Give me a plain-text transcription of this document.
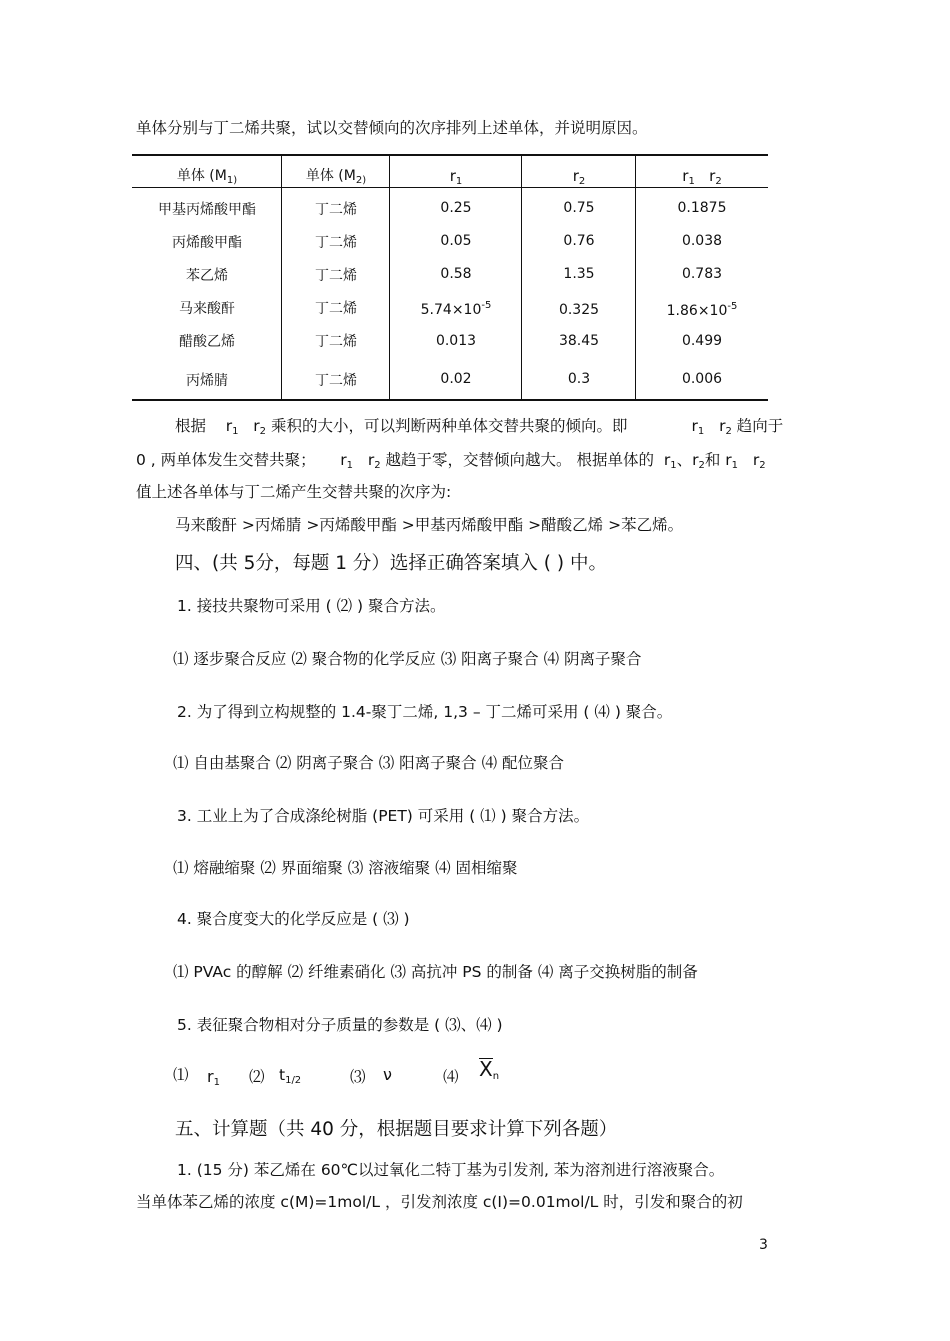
单体分别与丁二烯共聚，试以交替倾向的次序排列上述单体，并说明原因。
单体 ($M_{1)}$	单体 ($M_{2)}$	$r_1$	$r_2$	$r_1$ $r_2$
甲基丙烯酸甲酯	丁二烯	0.25	0.75	0.1875
丙烯酸甲酯	丁二烯	0.05	0.76	0.038
苯乙烯	丁二烯	0.58	1.35	0.783
马来酸酐	丁二烯	$5.74\times 10^{-5}$	0.325	$1.86\times 10^{-5}$
醋酸乙烯	丁二烯	0.013	38.45	0.499
丙烯腈	丁二烯	0.02	0.3	0.006
根据 $r_1$ $r_2$ 乘积的大小，可以判断两种单体交替共聚的倾向。即	$r_1$ $r_2$ 趋向于
0 , 两单体发生交替共聚； $r_1$ $r_2$ 越趋于零，交替倾向越大。 根据单体的 $r_1$、$r_2$和 $r_1$ $r_2$
值上述各单体与丁二烯产生交替共聚的次序为:
马来酸酐 >丙烯腈 >丙烯酸甲酯 >甲基丙烯酸甲酯 >醋酸乙烯 >苯乙烯。
四、(共 5分，每题 1 分）选择正确答案填入 ( ) 中。
1. 接技共聚物可采用 ( ⑵ ) 聚合方法。
⑴ 逐步聚合反应 ⑵ 聚合物的化学反应 ⑶ 阳离子聚合 ⑷ 阴离子聚合
2. 为了得到立构规整的 1.4-聚丁二烯, 1,3 – 丁二烯可采用 ( ⑷ ) 聚合。
⑴ 自由基聚合 ⑵ 阴离子聚合 ⑶ 阳离子聚合 ⑷ 配位聚合
3. 工业上为了合成涤纶树脂 (PET) 可采用 ( ⑴ ) 聚合方法。
⑴ 熔融缩聚 ⑵ 界面缩聚 ⑶ 溶液缩聚 ⑷ 固相缩聚
4. 聚合度变大的化学反应是 ( ⑶ )
⑴ PVAc 的醇解 ⑵ 纤维素硝化 ⑶ 高抗冲 PS 的制备 ⑷ 离子交换树脂的制备
5. 表征聚合物相对分子质量的参数是 ( ⑶、⑷ )
⑴ $r_1$ ⑵ $t_{1/2}$	⑶ ν	⑷ $X_n$
五、计算题（共 40 分，根据题目要求计算下列各题）
1. (15 分) 苯乙烯在 60℃以过氧化二特丁基为引发剂, 苯为溶剂进行溶液聚合。
当单体苯乙烯的浓度 c(M)=1mol/L ，引发剂浓度 c(I)=0.01mol/L 时，引发和聚合的初
3
